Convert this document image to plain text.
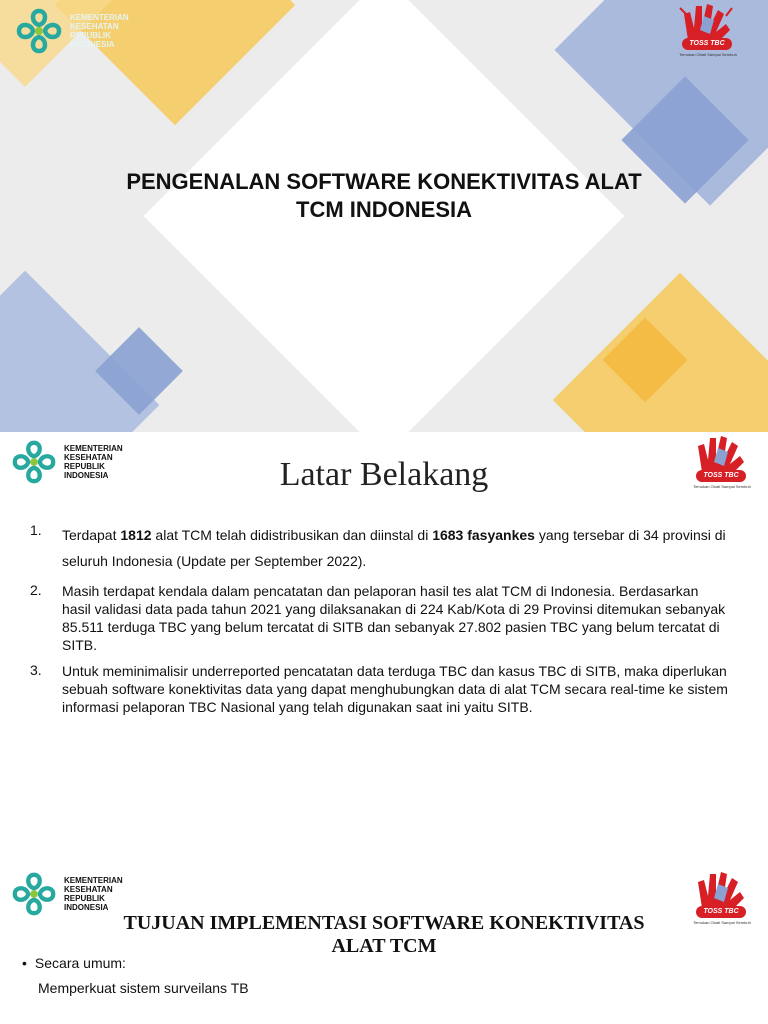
KEMENTERIAN
KESEHATAN
REPUBLIK
INDONESIA	TOSS TBC
Temukan Obati Sampai Sembuh
PENGENALAN SOFTWARE KONEKTIVITAS ALAT
TCM INDONESIA
KEMENTERIAN
KESEHATAN
REPUBLIK
INDONESIA	TOSS TBC
Temukan Obati Sampai Sembuh
Latar Belakang
1.	Terdapat 1812 alat TCM telah didistribusikan dan diinstal di 1683 fasyankes yang tersebar di 34 provinsi di seluruh Indonesia (Update per September 2022).
2.	Masih terdapat kendala dalam pencatatan dan pelaporan hasil tes alat TCM di Indonesia. Berdasarkan hasil validasi data pada tahun 2021 yang dilaksanakan di 224 Kab/Kota di 29 Provinsi ditemukan sebanyak 85.511 terduga TBC yang belum tercatat di SITB dan sebanyak 27.802 pasien TBC yang belum tercatat di SITB.
3.	Untuk meminimalisir underreported pencatatan data terduga TBC dan kasus TBC di SITB, maka diperlukan sebuah software konektivitas data yang dapat menghubungkan data di alat TCM secara real-time ke sistem informasi pelaporan TBC Nasional yang telah digunakan saat ini yaitu SITB.
KEMENTERIAN
KESEHATAN
REPUBLIK
INDONESIA	TOSS TBC
Temukan Obati Sampai Sembuh
TUJUAN IMPLEMENTASI SOFTWARE KONEKTIVITAS
ALAT TCM
• Secara umum:
Memperkuat sistem surveilans TB
